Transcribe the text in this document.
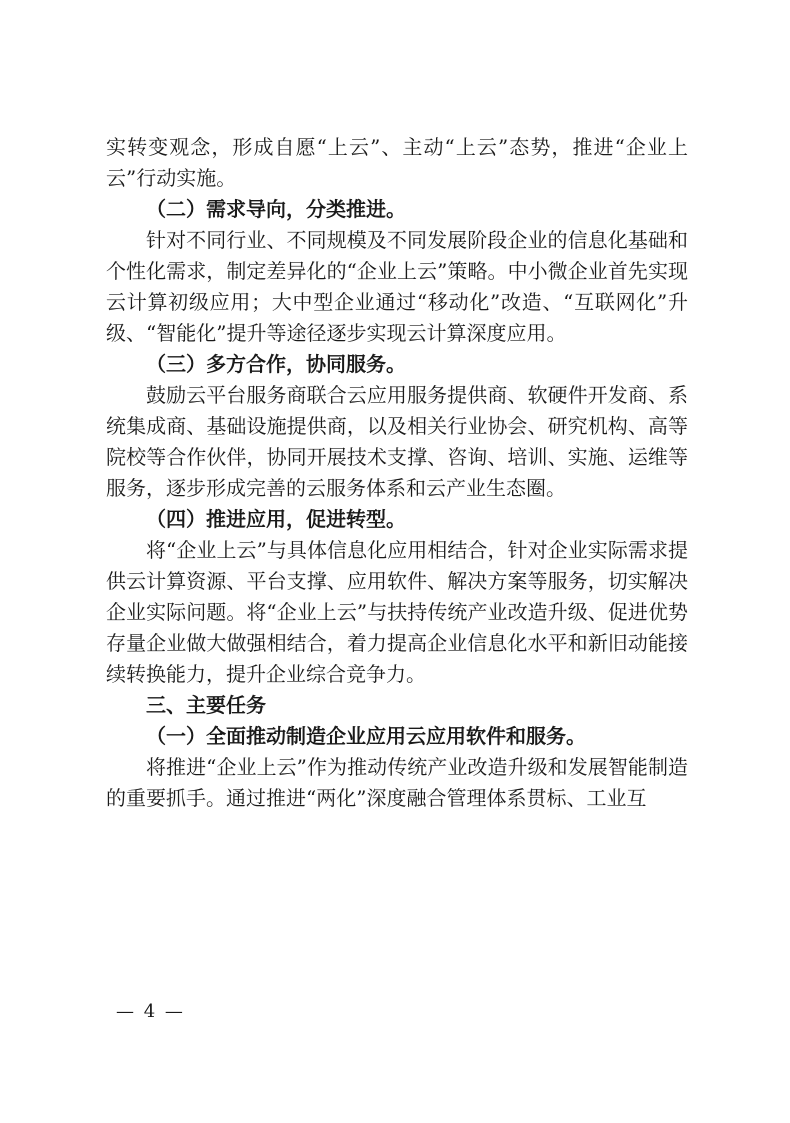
实转变观念，形成自愿“上云”、主动“上云”态势，推进“企业上云”行动实施。

（二）需求导向，分类推进。

针对不同行业、不同规模及不同发展阶段企业的信息化基础和个性化需求，制定差异化的“企业上云”策略。中小微企业首先实现云计算初级应用；大中型企业通过“移动化”改造、“互联网化”升级、“智能化”提升等途径逐步实现云计算深度应用。

（三）多方合作，协同服务。

鼓励云平台服务商联合云应用服务提供商、软硬件开发商、系统集成商、基础设施提供商，以及相关行业协会、研究机构、高等院校等合作伙伴，协同开展技术支撑、咨询、培训、实施、运维等服务，逐步形成完善的云服务体系和云产业生态圈。

（四）推进应用，促进转型。

将“企业上云”与具体信息化应用相结合，针对企业实际需求提供云计算资源、平台支撑、应用软件、解决方案等服务，切实解决企业实际问题。将“企业上云”与扶持传统产业改造升级、促进优势存量企业做大做强相结合，着力提高企业信息化水平和新旧动能接续转换能力，提升企业综合竞争力。

三、主要任务

（一）全面推动制造企业应用云应用软件和服务。

将推进“企业上云”作为推动传统产业改造升级和发展智能制造的重要抓手。通过推进“两化”深度融合管理体系贯标、工业互

— 4 —
